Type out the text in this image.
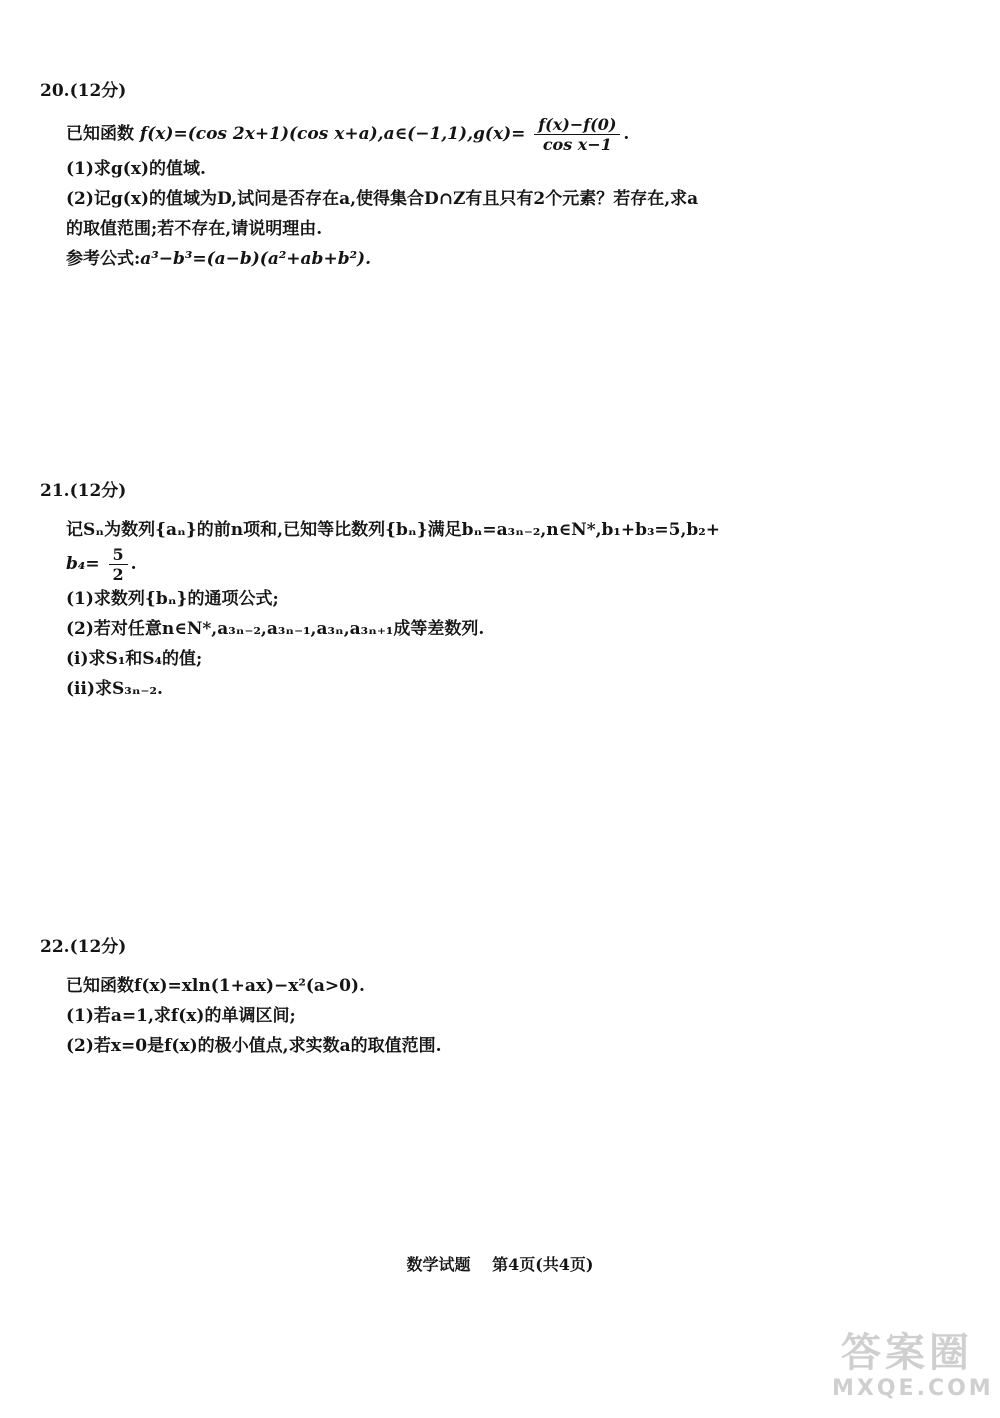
20.(12分)
已知函数 f(x)=(cos 2x+1)(cos x+a),a∈(−1,1),g(x)= $\frac{f(x)-f(0)}{\text{cos x−1}}$ .
(1)求g(x)的值域.
(2)记g(x)的值域为D,试问是否存在a,使得集合D∩Z有且只有2个元素？若存在,求a
的取值范围;若不存在,请说明理由.
参考公式:a³−b³=(a−b)(a²+ab+b²).
21.(12分)
记Sₙ为数列{aₙ}的前n项和,已知等比数列{bₙ}满足bₙ=a₃ₙ₋₂,n∈N*,b₁+b₃=5,b₂+
$b_4= \frac{5}{2}$ .
(1)求数列{bₙ}的通项公式;
(2)若对任意n∈N*,a₃ₙ₋₂,a₃ₙ₋₁,a₃ₙ,a₃ₙ₊₁成等差数列.
(ⅰ)求S₁和S₄的值;
(ⅱ)求S₃ₙ₋₂.
22.(12分)
已知函数f(x)=xln(1+ax)−x²(a>0).
(1)若a=1,求f(x)的单调区间;
(2)若x=0是f(x)的极小值点,求实数a的取值范围.
数学试题 第4页(共4页)
答案圈
MXQE.COM
